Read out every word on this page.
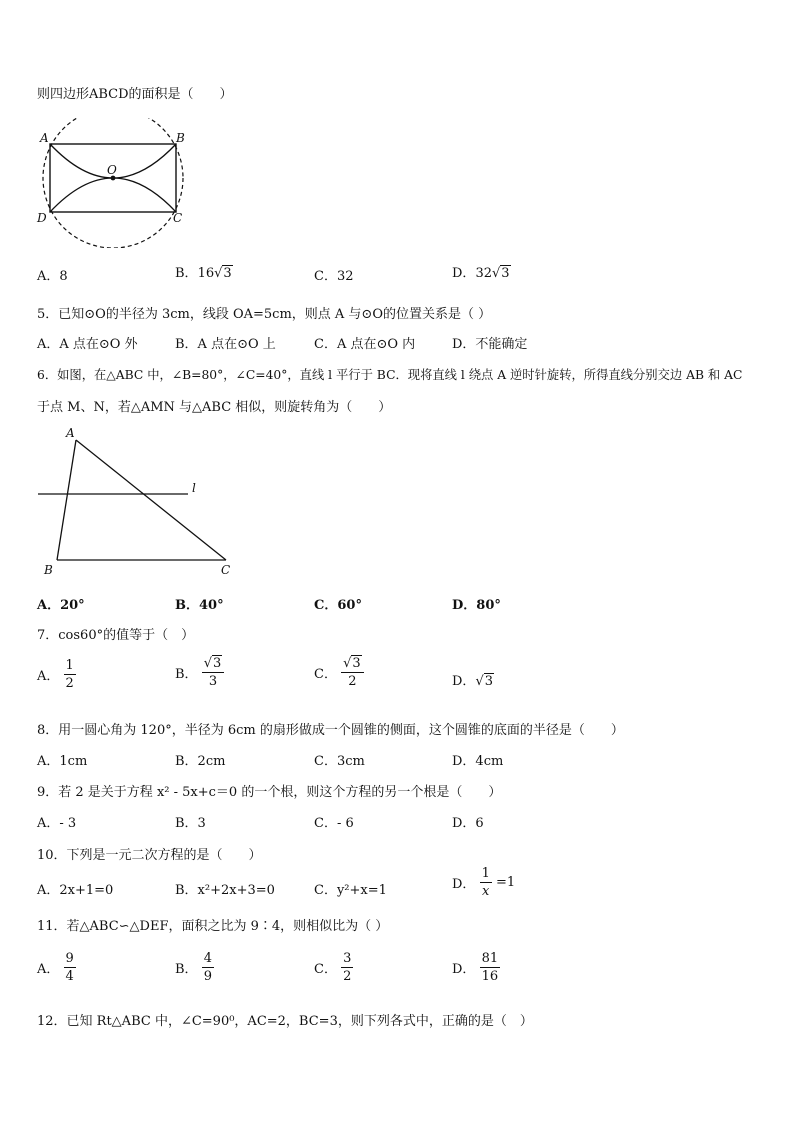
则四边形ABCD的面积是（　　）
A	B
C
D
O
A．8	B．16√3	C．32	D．32√3
5．已知⊙O的半径为 3cm，线段 OA=5cm，则点 A 与⊙O的位置关系是（ ）
A．A 点在⊙O 外	B．A 点在⊙O 上	C．A 点在⊙O 内	D．不能确定
6．如图，在△ABC 中，∠B=80°，∠C=40°，直线 l 平行于 BC．现将直线 l 绕点 A 逆时针旋转，所得直线分别交边 AB 和 AC
于点 M、N，若△AMN 与△ABC 相似，则旋转角为（　　）
A
B	C
l
A．20°	B．40°	C．60°	D．80°
7．cos60°的值等于（　）
A． $\frac{1}{2}$	B． $\frac{√3}{3}$	C． $\frac{√3}{2}$	D．√3
8．用一圆心角为 120°，半径为 6cm 的扇形做成一个圆锥的侧面，这个圆锥的底面的半径是（　　）
A．1cm	B．2cm	C．3cm	D．4cm
9．若 2 是关于方程 x² - 5x+c＝0 的一个根，则这个方程的另一个根是（　　）
A．- 3	B．3	C．- 6	D．6
10．下列是一元二次方程的是（　　）
A．2x+1=0	B．x²+2x+3=0	C．y²+x=1	D． $\frac{1}{x} =1$
11．若△ABC∽△DEF，面积之比为 9∶4，则相似比为（ ）
A． $\frac{9}{4}$	B． $\frac{4}{9}$	C． $\frac{3}{2}$	D． $\frac{81}{16}$
12．已知 Rt△ABC 中，∠C=90⁰，AC=2，BC=3，则下列各式中，正确的是（　）
